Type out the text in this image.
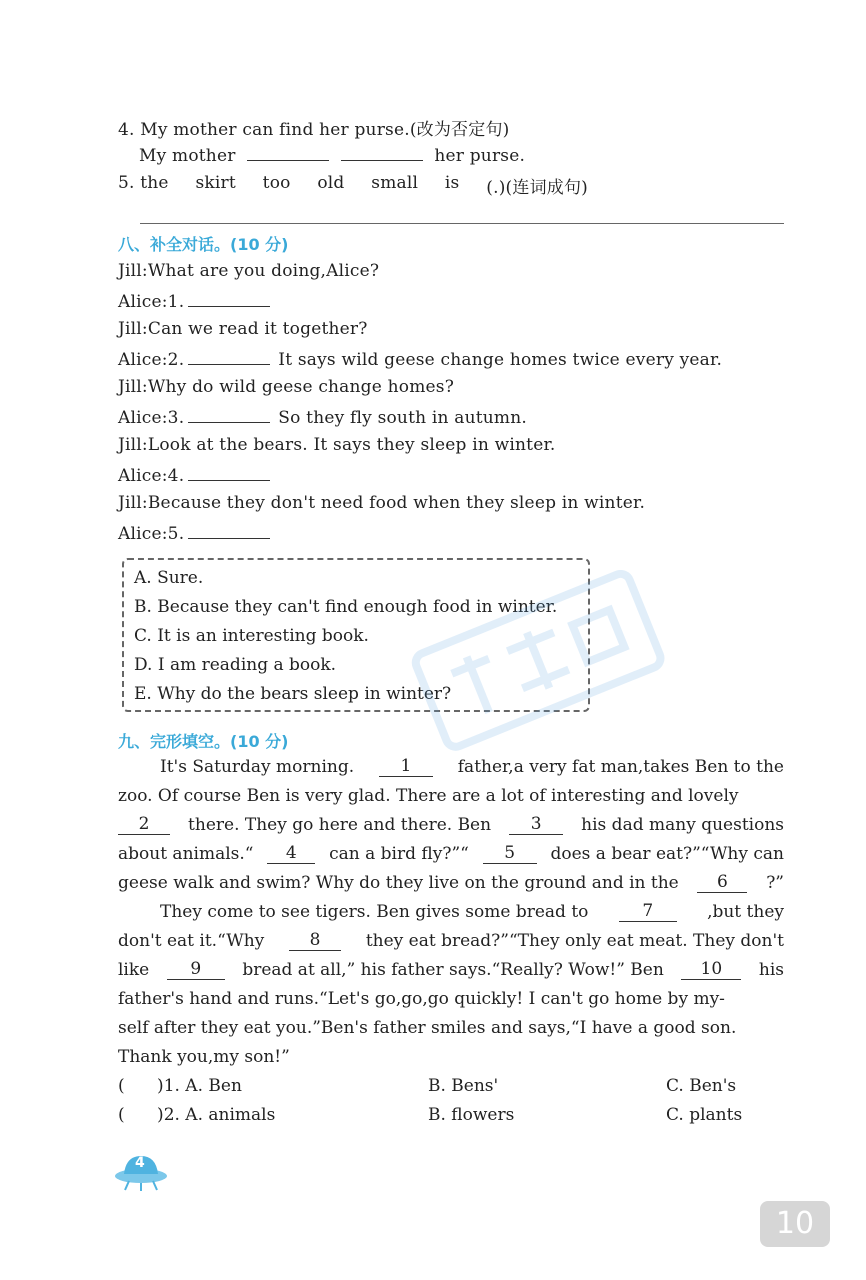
4. My mother can find her purse.(改为否定句)
My mother	her purse.
5. the skirt too old small is (.)(连词成句)
八、补全对话。(10 分)
Jill:What are you doing,Alice?
Alice:1.
Jill:Can we read it together?
Alice:2.	It says wild geese change homes twice every year.
Jill:Why do wild geese change homes?
Alice:3.	So they fly south in autumn.
Jill:Look at the bears. It says they sleep in winter.
Alice:4.
Jill:Because they don't need food when they sleep in winter.
Alice:5.
A. Sure.
B. Because they can't find enough food in winter.
C. It is an interesting book.
D. I am reading a book.
E. Why do the bears sleep in winter?
九、完形填空。(10 分)
It's Saturday morning.	1	father,a very fat man,takes Ben to the
zoo. Of course Ben is very glad. There are a lot of interesting and lovely
2	there. They go here and there. Ben	3	his dad many questions
about animals.“	4	can a bird fly?”“	5	does a bear eat?”“Why can
geese walk and swim? Why do they live on the ground and in the	6	?”
They come to see tigers. Ben gives some bread to	7	,but they
don't eat it.“Why	8	they eat bread?”“They only eat meat. They don't
like	9	bread at all,” his father says.“Really? Wow!” Ben	10	his
father's hand and runs.“Let's go,go,go quickly! I can't go home by my-
self after they eat you.”Ben's father smiles and says,“I have a good son.
Thank you,my son!”
(      )1. A. Ben	B. Bens'	C. Ben's
(      )2. A. animals	B. flowers	C. plants
4
10
